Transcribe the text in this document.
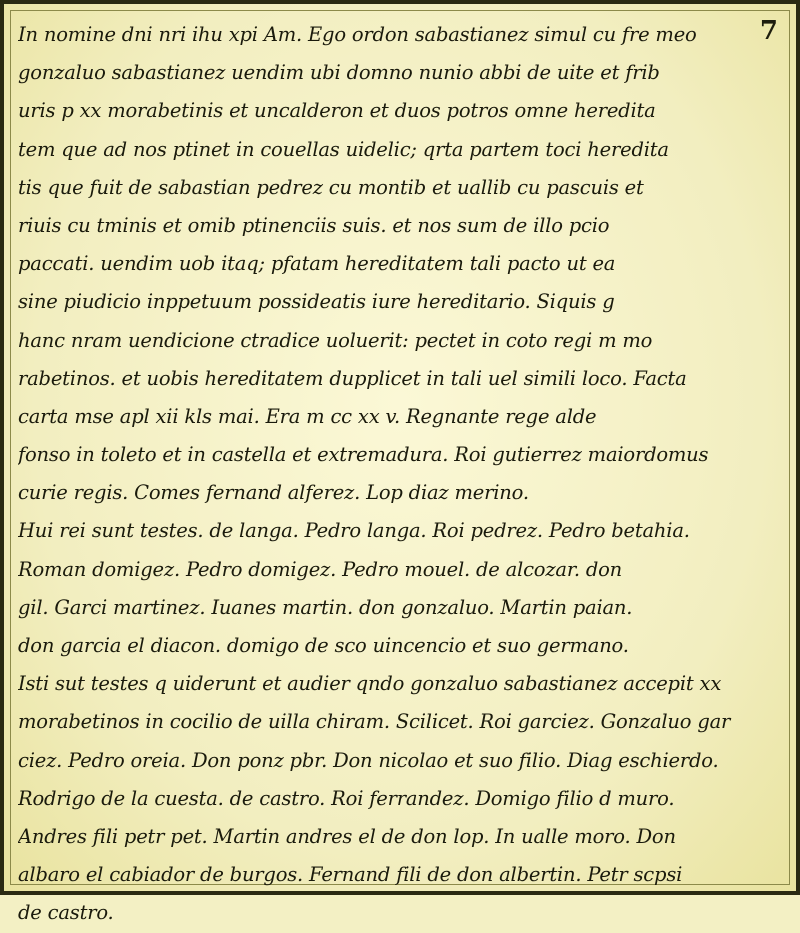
7
In nomine dni nri ihu xpi Am. Ego ordon sabastianez simul cu fre meo
gonzaluo sabastianez uendim ubi domno nunio abbi de uite et frib
uris p xx morabetinis et uncalderon et duos potros omne heredita
tem que ad nos ptinet in couellas uidelic; qrta partem toci heredita
tis que fuit de sabastian pedrez cu montib et uallib cu pascuis et
riuis cu tminis et omib ptinenciis suis. et nos sum de illo pcio
paccati. uendim uob itaq; pfatam hereditatem tali pacto ut ea
sine piudicio inppetuum possideatis iure hereditario. Siquis g
hanc nram uendicione ctradice uoluerit: pectet in coto regi m mo
rabetinos. et uobis hereditatem dupplicet in tali uel simili loco. Facta
carta mse apl xii kls mai. Era m cc xx v. Regnante rege alde
fonso in toleto et in castella et extremadura. Roi gutierrez maiordomus
curie regis. Comes fernand alferez. Lop diaz merino.
Hui rei sunt testes. de langa. Pedro langa. Roi pedrez. Pedro betahia.
Roman domigez. Pedro domigez. Pedro mouel. de alcozar. don
gil. Garci martinez. Iuanes martin. don gonzaluo. Martin paian.
don garcia el diacon. domigo de sco uincencio et suo germano.
Isti sut testes q uiderunt et audier qndo gonzaluo sabastianez accepit xx
morabetinos in cocilio de uilla chiram. Scilicet. Roi garciez. Gonzaluo gar
ciez. Pedro oreia. Don ponz pbr. Don nicolao et suo filio. Diag eschierdo.
Rodrigo de la cuesta. de castro. Roi ferrandez. Domigo filio d muro.
Andres fili petr pet. Martin andres el de don lop. In ualle moro. Don
albaro el cabiador de burgos. Fernand fili de don albertin. Petr scpsi
de castro.
